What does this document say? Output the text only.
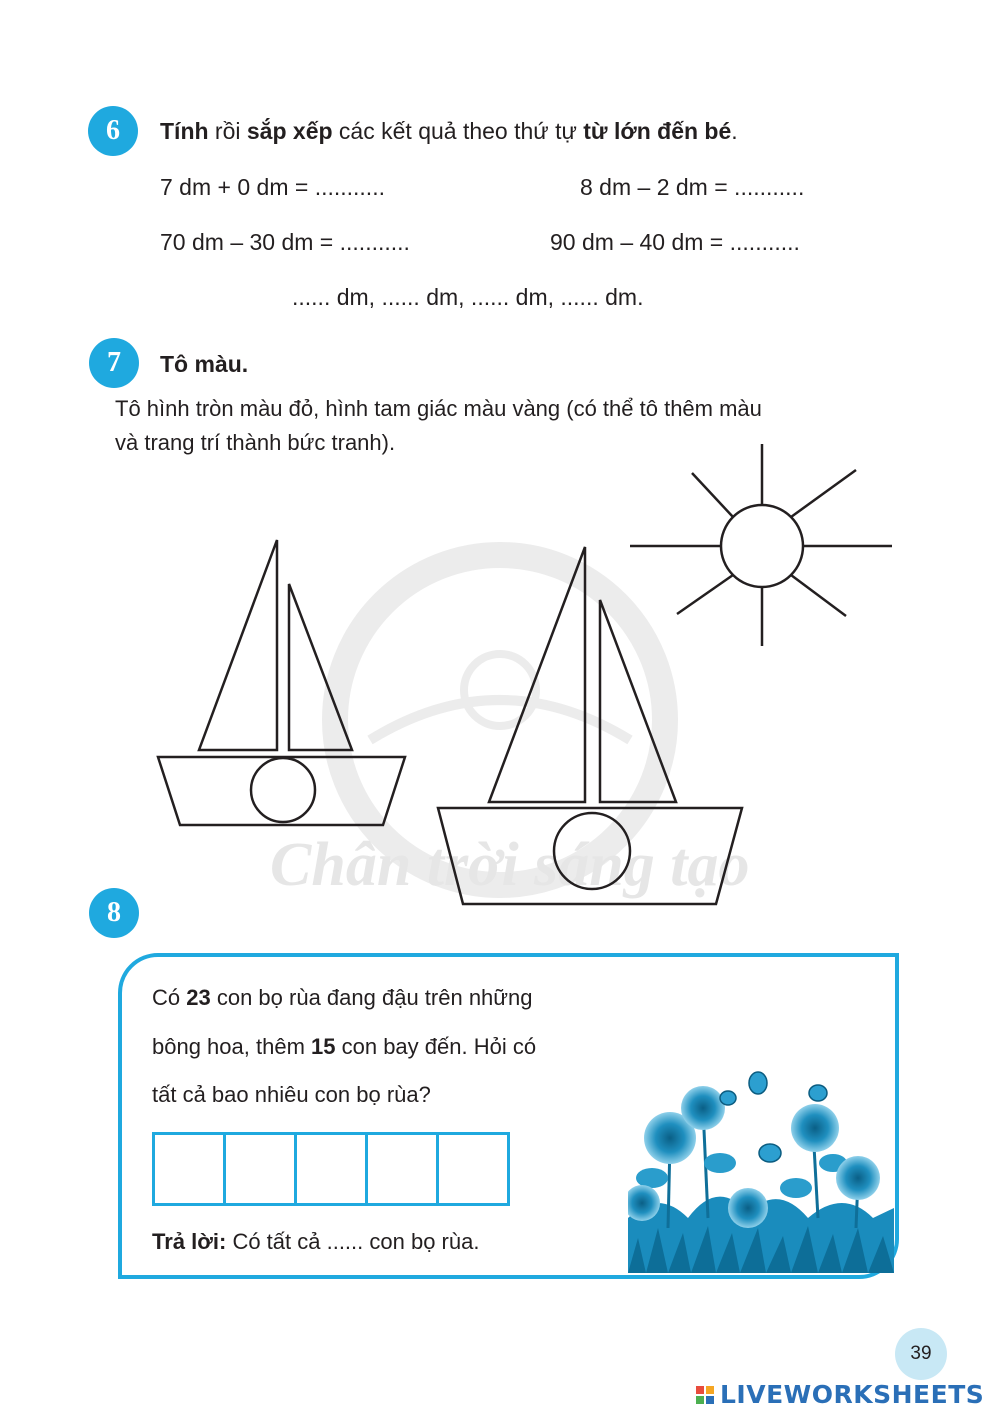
6	Tính rồi sắp xếp các kết quả theo thứ tự từ lớn đến bé.
7 dm + 0 dm = ...........	8 dm – 2 dm = ...........
70 dm – 30 dm = ...........	90 dm – 40 dm = ...........
...... dm, ...... dm, ...... dm, ...... dm.
7	Tô màu.
Tô hình tròn màu đỏ, hình tam giác màu vàng (có thể tô thêm màu
và trang trí thành bức tranh).
Chân trời sáng tạo
8
Có 23 con bọ rùa đang đậu trên những
bông hoa, thêm 15 con bay đến. Hỏi có
tất cả bao nhiêu con bọ rùa?
Trả lời: Có tất cả ...... con bọ rùa.
39
LIVEWORKSHEETS
